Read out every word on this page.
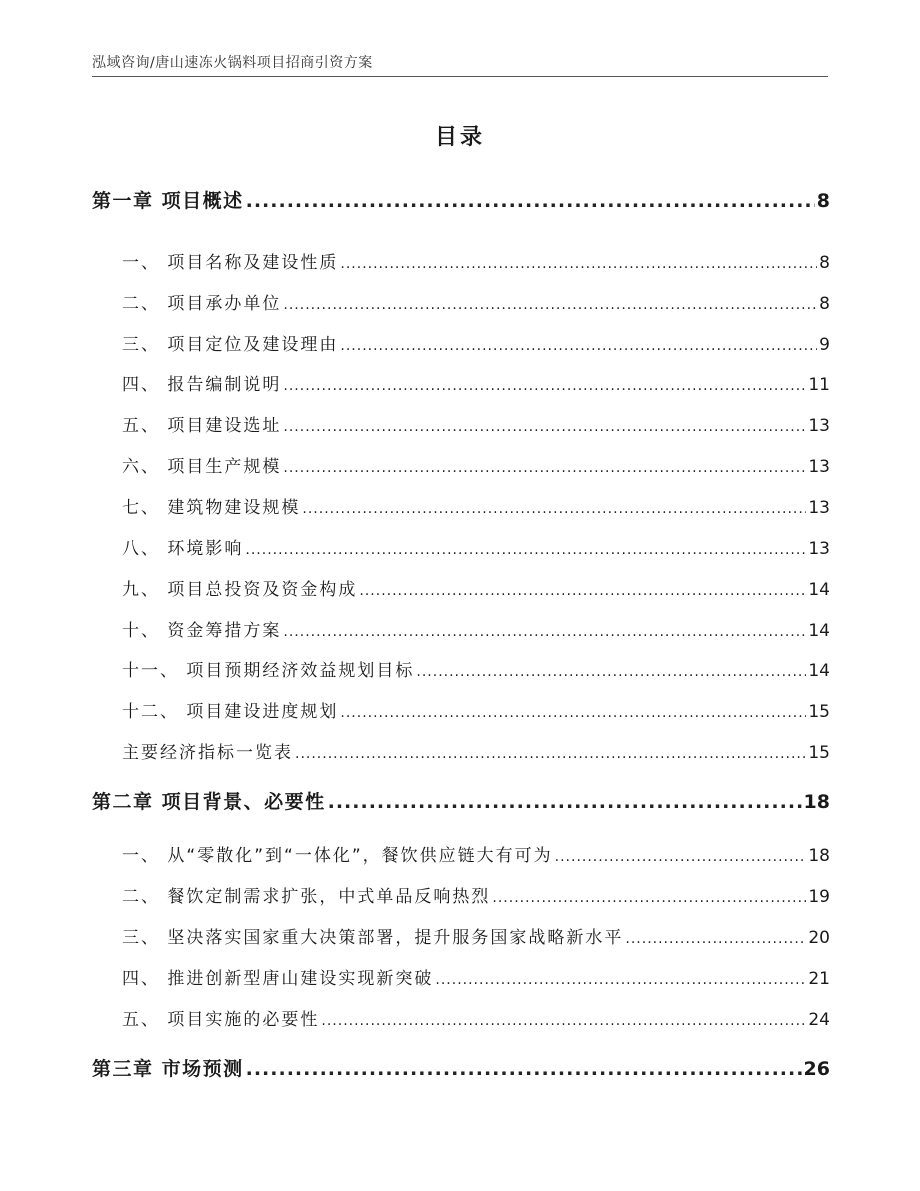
泓域咨询/唐山速冻火锅料项目招商引资方案
目录
第一章 项目概述 .....	8
一、 项目名称及建设性质 .....	8
二、 项目承办单位 .....	8
三、 项目定位及建设理由 .....	9
四、 报告编制说明 .....	11
五、 项目建设选址 .....	13
六、 项目生产规模 .....	13
七、 建筑物建设规模 .....	13
八、 环境影响 .....	13
九、 项目总投资及资金构成 .....	14
十、 资金筹措方案 .....	14
十一、 项目预期经济效益规划目标 .....	14
十二、 项目建设进度规划 .....	15
主要经济指标一览表 .....	15
第二章 项目背景、必要性 .....	18
一、 从“零散化”到“一体化”，餐饮供应链大有可为 .....	18
二、 餐饮定制需求扩张，中式单品反响热烈 .....	19
三、 坚决落实国家重大决策部署，提升服务国家战略新水平 .....	20
四、 推进创新型唐山建设实现新突破 .....	21
五、 项目实施的必要性 .....	24
第三章 市场预测 .....	26
